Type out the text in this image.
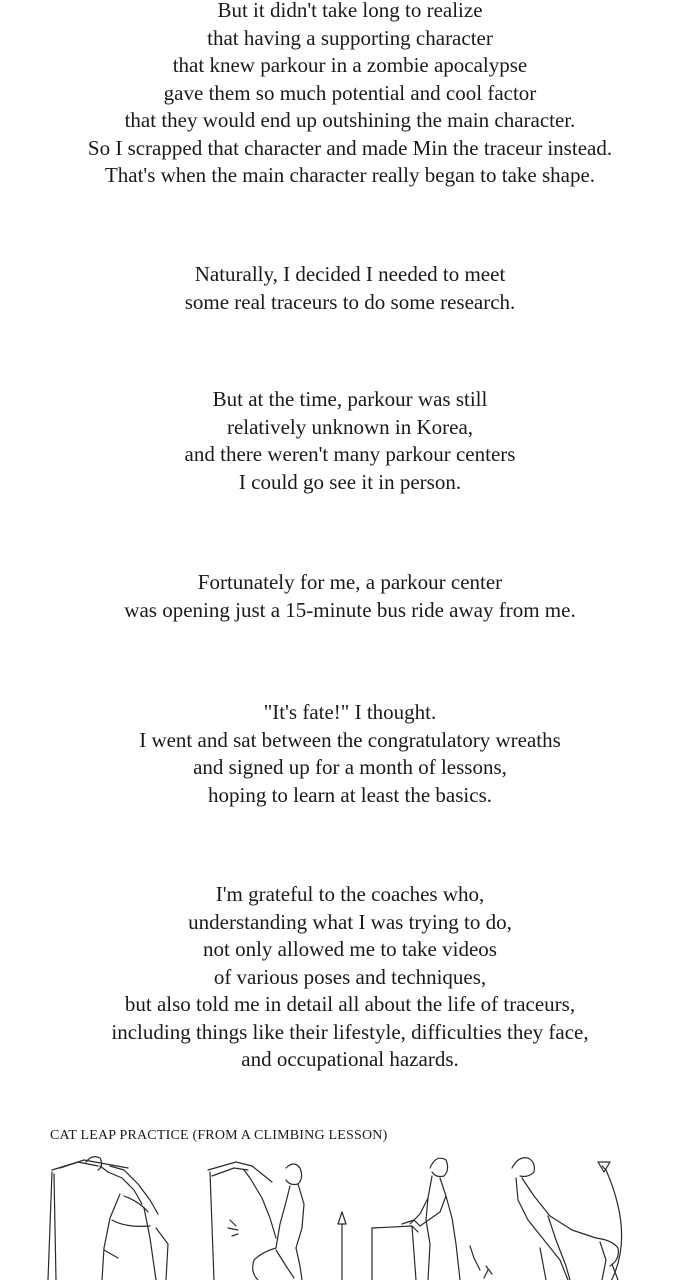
But it didn't take long to realize
that having a supporting character
that knew parkour in a zombie apocalypse
gave them so much potential and cool factor
that they would end up outshining the main character.
So I scrapped that character and made Min the traceur instead.
That's when the main character really began to take shape.
Naturally, I decided I needed to meet
some real traceurs to do some research.
But at the time, parkour was still
relatively unknown in Korea,
and there weren't many parkour centers
I could go see it in person.
Fortunately for me, a parkour center
was opening just a 15-minute bus ride away from me.
"It's fate!" I thought.
I went and sat between the congratulatory wreaths
and signed up for a month of lessons,
hoping to learn at least the basics.
I'm grateful to the coaches who,
understanding what I was trying to do,
not only allowed me to take videos
of various poses and techniques,
but also told me in detail all about the life of traceurs,
including things like their lifestyle, difficulties they face,
and occupational hazards.
CAT LEAP PRACTICE (FROM A CLIMBING LESSON)
